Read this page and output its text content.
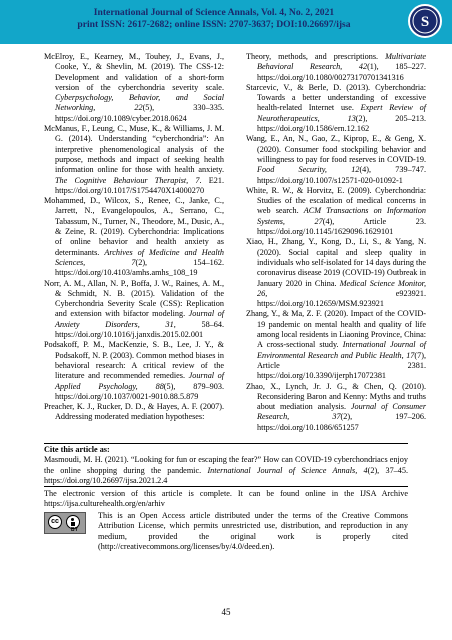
International Journal of Science Annals, Vol. 4, No. 2, 2021
print ISSN: 2617-2682; online ISSN: 2707-3637; DOI:10.26697/ijsa	S
McElroy, E., Kearney, M., Touhey, J., Evans, J., Cooke, Y., & Shevlin, M. (2019). The CSS-12: Development and validation of a short-form version of the cyberchondria severity scale. Cyberpsychology, Behavior, and Social Networking, 22(5), 330–335. https://doi.org/10.1089/cyber.2018.0624
McManus, F., Leung, C., Muse, K., & Williams, J. M. G. (2014). Understanding “cyberchondria”: An interpretive phenomenological analysis of the purpose, methods and impact of seeking health information online for those with health anxiety. The Cognitive Behaviour Therapist, 7. E21. https://doi.org/10.1017/S1754470X14000270
Mohammed, D., Wilcox, S., Renee, C., Janke, C., Jarrett, N., Evangelopoulos, A., Serrano, C., Tabassum, N., Turner, N., Theodore, M., Dusic, A., & Zeine, R. (2019). Cyberchondria: Implications of online behavior and health anxiety as determinants. Archives of Medicine and Health Sciences, 7(2), 154–162. https://doi.org/10.4103/amhs.amhs_108_19
Norr, A. M., Allan, N. P., Boffa, J. W., Raines, A. M., & Schmidt, N. B. (2015). Validation of the Cyberchondria Severity Scale (CSS): Replication and extension with bifactor modeling. Journal of Anxiety Disorders, 31, 58–64. https://doi.org/10.1016/j.janxdis.2015.02.001
Podsakoff, P. M., MacKenzie, S. B., Lee, J. Y., & Podsakoff, N. P. (2003). Common method biases in behavioral research: A critical review of the literature and recommended remedies. Journal of Applied Psychology, 88(5), 879–903. https://doi.org/10.1037/0021-9010.88.5.879
Preacher, K. J., Rucker, D. D., & Hayes, A. F. (2007). Addressing moderated mediation hypotheses:
Theory, methods, and prescriptions. Multivariate Behavioral Research, 42(1), 185–227. https://doi.org/10.1080/00273170701341316
Starcevic, V., & Berle, D. (2013). Cyberchondria: Towards a better understanding of excessive health-related Internet use. Expert Review of Neurotherapeutics, 13(2), 205–213. https://doi.org/10.1586/ern.12.162
Wang, E., An, N., Gao, Z., Kiprop, E., & Geng, X. (2020). Consumer food stockpiling behavior and willingness to pay for food reserves in COVID-19. Food Security, 12(4), 739–747. https://doi.org/10.1007/s12571-020-01092-1
White, R. W., & Horvitz, E. (2009). Cyberchondria: Studies of the escalation of medical concerns in web search. ACM Transactions on Information Systems, 27(4), Article 23. https://doi.org/10.1145/1629096.1629101
Xiao, H., Zhang, Y., Kong, D., Li, S., & Yang, N. (2020). Social capital and sleep quality in individuals who self-isolated for 14 days during the coronavirus disease 2019 (COVID-19) Outbreak in January 2020 in China. Medical Science Monitor, 26, e923921. https://doi.org/10.12659/MSM.923921
Zhang, Y., & Ma, Z. F. (2020). Impact of the COVID-19 pandemic on mental health and quality of life among local residents in Liaoning Province, China: A cross-sectional study. International Journal of Environmental Research and Public Health, 17(7), Article 2381. https://doi.org/10.3390/ijerph17072381
Zhao, X., Lynch, Jr. J. G., & Chen, Q. (2010). Reconsidering Baron and Kenny: Myths and truths about mediation analysis. Journal of Consumer Research, 37(2), 197–206. https://doi.org/10.1086/651257
Cite this article as:
Masmoudi, M. H. (2021). “Looking for fun or escaping the fear?” How can COVID-19 cyberchondriacs enjoy the online shopping during the pandemic. International Journal of Science Annals, 4(2), 37–45. https://doi.org/10.26697/ijsa.2021.2.4
The electronic version of this article is complete. It can be found online in the IJSA Archive https://ijsa.culturehealth.org/en/arhiv
cc
BY
This is an Open Access article distributed under the terms of the Creative Commons Attribution License, which permits unrestricted use, distribution, and reproduction in any medium, provided the original work is properly cited (http://creativecommons.org/licenses/by/4.0/deed.en).
45
